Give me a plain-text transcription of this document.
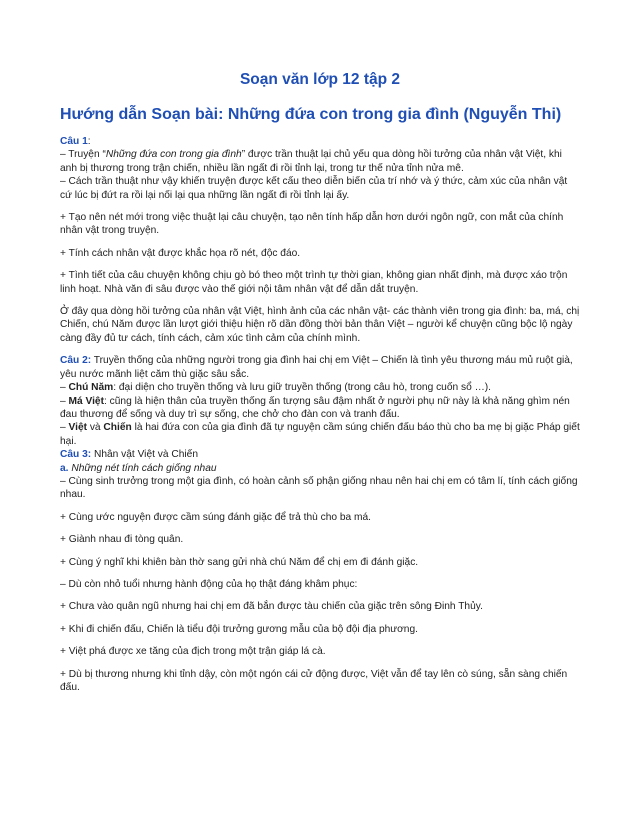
Soạn văn lớp 12 tập 2
Hướng dẫn Soạn bài: Những đứa con trong gia đình (Nguyễn Thi)

Câu 1:

– Truyện “Những đứa con trong gia đình” được trần thuật lại chủ yếu qua dòng hồi tưởng của nhân vật Việt, khi anh bị thương trong trận chiến, nhiều lần ngất đi rồi tỉnh lại, trong tư thế nửa tỉnh nửa mê.

– Cách trần thuật như vậy khiến truyện được kết cấu theo diễn biến của trí nhớ và ý thức, cảm xúc của nhân vật cứ lúc bị đứt ra rồi lại nối lại qua những lần ngất đi rồi tỉnh lại ấy.

+ Tạo nên nét mới trong việc thuật lại câu chuyện, tạo nên tính hấp dẫn hơn dưới ngôn ngữ, con mắt của chính nhân vật trong truyện.

+ Tính cách nhân vật được khắc họa rõ nét, độc đáo.

+ Tình tiết của câu chuyện không chịu gò bó theo một trình tự thời gian, không gian nhất định, mà được xáo trộn linh hoạt. Nhà văn đi sâu được vào thế giới nội tâm nhân vật để dẫn dắt truyện.

Ở đây qua dòng hồi tưởng của nhân vật Việt, hình ảnh của các nhân vật- các thành viên trong gia đình: ba, má, chị Chiến, chú Năm được lần lượt giới thiệu hiện rõ dần đồng thời bản thân Việt – người kể chuyện cũng bộc lộ ngày càng đầy đủ tư cách, tính cách, cảm xúc tình cảm của chính mình.

Câu 2: Truyền thống của những người trong gia đình hai chị em Việt – Chiến là tình yêu thương máu mủ ruột già, yêu nước mãnh liệt căm thù giặc sâu sắc.

– Chú Năm: đại diện cho truyền thống và lưu giữ truyền thống (trong câu hò, trong cuốn sổ …).

– Má Việt: cũng là hiện thân của truyền thống ấn tượng sâu đậm nhất ở người phụ nữ này là khả năng ghìm nén đau thương để sống và duy trì sự sống, che chở cho đàn con và tranh đấu.

– Việt và Chiến là hai đứa con của gia đình đã tự nguyện cầm súng chiến đấu báo thù cho ba mẹ bị giặc Pháp giết hại.

Câu 3: Nhân vật Việt và Chiến

a. Những nét tính cách giống nhau

– Cùng sinh trưởng trong một gia đình, có hoàn cảnh số phận giống nhau nên hai chị em có tâm lí, tính cách giống nhau.

+ Cùng ước nguyện được cầm súng đánh giặc để trả thù cho ba má.

+ Giành nhau đi tòng quân.

+ Cùng ý nghĩ khi khiên bàn thờ sang gửi nhà chú Năm để chị em đi đánh giặc.

– Dù còn nhỏ tuổi nhưng hành động của họ thật đáng khâm phục:

+ Chưa vào quân ngũ nhưng hai chị em đã bắn được tàu chiến của giặc trên sông Đinh Thủy.

+ Khi đi chiến đấu, Chiến là tiểu đội trưởng gương mẫu của bộ đội địa phương.

+ Việt phá được xe tăng của địch trong một trận giáp lá cà.

+ Dù bị thương nhưng khi tỉnh dậy, còn một ngón cái cử động được, Việt vẫn để tay lên cò súng, sẵn sàng chiến đấu.
